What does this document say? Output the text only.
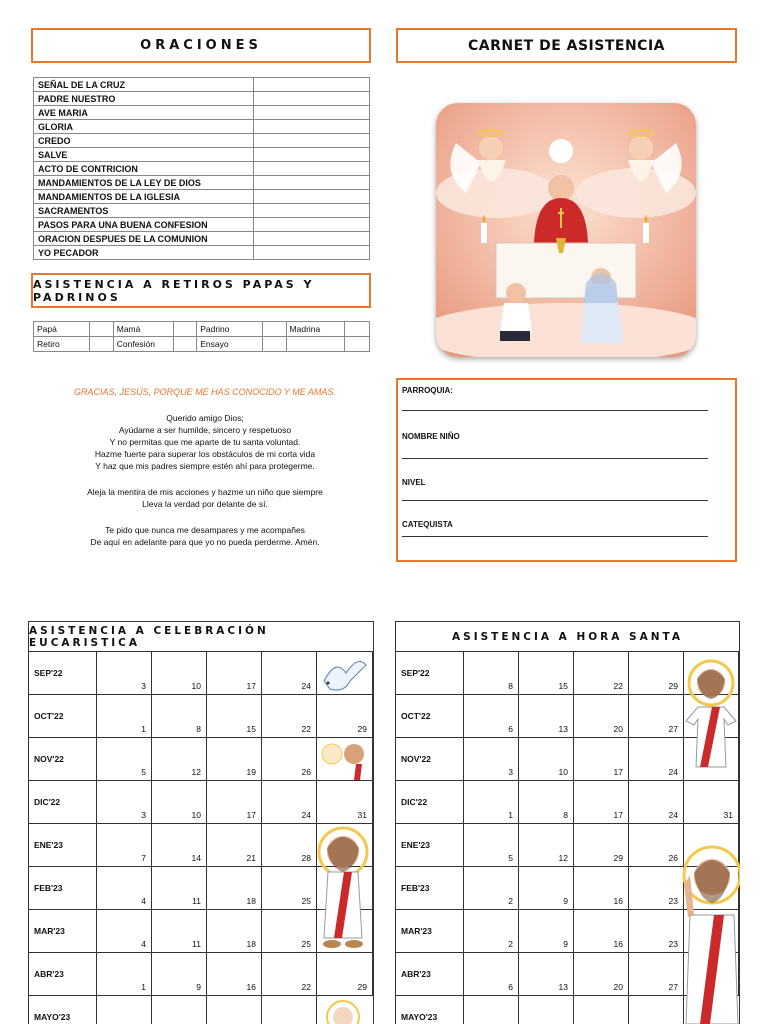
ORACIONES	CARNET DE ASISTENCIA
SEÑAL DE LA CRUZ	
PADRE NUESTRO	
AVE MARIA	
GLORIA	
CREDO	
SALVE	
ACTO DE CONTRICION	
MANDAMIENTOS DE LA LEY DE DIOS	
MANDAMIENTOS DE LA IGLESIA	
SACRAMENTOS	
PASOS PARA UNA BUENA CONFESION	
ORACION DESPUES DE LA COMUNION	
YO PECADOR	
ASISTENCIA A RETIROS PAPAS Y PADRINOS
Papá		Mamá		Padrino		Madrina	
Retiro		Confesión		Ensayo			
GRACIAS, JESÚS, PORQUE ME HAS CONOCIDO Y ME AMAS.
Querido amigo Dios;
Ayúdame a ser humilde, sincero y respetuoso
Y no permitas que me aparte de tu santa voluntad.
Hazme fuerte para superar los obstáculos de mi corta vida
Y haz que mis padres siempre estén ahí para protegerme.
Aleja la mentira de mis acciones y hazme un niño que siempre
Lleva la verdad por delante de sí.
Te pido que nunca me desampares y me acompañes
De aquí en adelante para que yo no pueda perderme. Amén.
PARROQUIA:
NOMBRE NIÑO
NIVEL
CATEQUISTA
ASISTENCIA A CELEBRACIÓN EUCARISTICA
SEP'22
3	10	17	24
OCT'22
1	8	15	22	29
NOV'22
5	12	19	26
DIC'22
3	10	17	24	31
ENE'23
7	14	21	28
FEB'23
4	11	18	25
MAR'23
4	11	18	25
ABR'23
1	9	16	22	29
MAYO'23
ASISTENCIA A HORA SANTA
SEP'22
8	15	22	29
OCT'22
6	13	20	27
NOV'22
3	10	17	24
DIC'22
1	8	17	24	31
ENE'23
5	12	29	26
FEB'23
2	9	16	23
MAR'23
2	9	16	23
ABR'23
6	13	20	27
MAYO'23
